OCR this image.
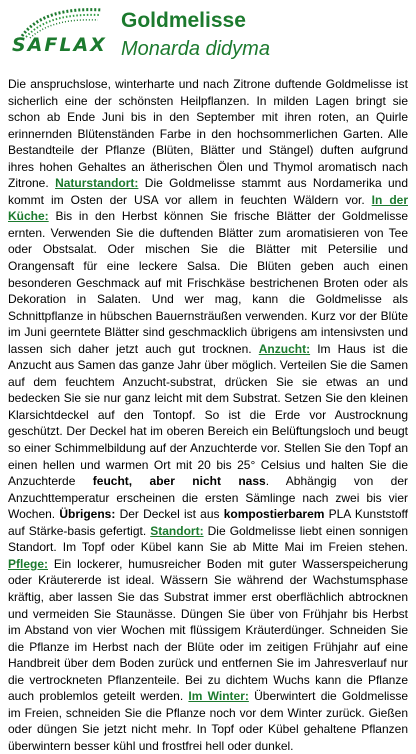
SAFLAX
Goldmelisse
Monarda didyma

Die anspruchslose, winterharte und nach Zitrone duftende Goldmelisse ist sicherlich eine der schönsten Heilpflanzen. In milden Lagen bringt sie schon ab Ende Juni bis in den September mit ihren roten, an Quirle erinnernden Blütenständen Farbe in den hochsommerlichen Garten. Alle Bestandteile der Pflanze (Blüten, Blätter und Stängel) duften aufgrund ihres hohen Gehaltes an ätherischen Ölen und Thymol aromatisch nach Zitrone. Naturstandort: Die Goldmelisse stammt aus Nordamerika und kommt im Osten der USA vor allem in feuchten Wäldern vor. In der Küche: Bis in den Herbst können Sie frische Blätter der Goldmelisse ernten. Verwenden Sie die duftenden Blätter zum aromatisieren von Tee oder Obstsalat. Oder mischen Sie die Blätter mit Petersilie und Orangensaft für eine leckere Salsa. Die Blüten geben auch einen besonderen Geschmack auf mit Frischkäse bestrichenen Broten oder als Dekoration in Salaten. Und wer mag, kann die Goldmelisse als Schnittpflanze in hübschen Bauernsträußen verwenden. Kurz vor der Blüte im Juni geerntete Blätter sind geschmacklich übrigens am intensivsten und lassen sich daher jetzt auch gut trocknen. Anzucht: Im Haus ist die Anzucht aus Samen das ganze Jahr über möglich. Verteilen Sie die Samen auf dem feuchtem Anzucht-substrat, drücken Sie sie etwas an und bedecken Sie sie nur ganz leicht mit dem Substrat. Setzen Sie den kleinen Klarsichtdeckel auf den Tontopf. So ist die Erde vor Austrocknung geschützt. Der Deckel hat im oberen Bereich ein Belüftungsloch und beugt so einer Schimmelbildung auf der Anzuchterde vor. Stellen Sie den Topf an einen hellen und warmen Ort mit 20 bis 25° Celsius und halten Sie die Anzuchterde feucht, aber nicht nass. Abhängig von der Anzuchttemperatur erscheinen die ersten Sämlinge nach zwei bis vier Wochen. Übrigens: Der Deckel ist aus kompostierbarem PLA Kunststoff auf Stärke-basis gefertigt. Standort: Die Goldmelisse liebt einen sonnigen Standort. Im Topf oder Kübel kann Sie ab Mitte Mai im Freien stehen. Pflege: Ein lockerer, humusreicher Boden mit guter Wasserspeicherung oder Kräutererde ist ideal. Wässern Sie während der Wachstumsphase kräftig, aber lassen Sie das Substrat immer erst oberflächlich abtrocknen und vermeiden Sie Staunässe. Düngen Sie über von Frühjahr bis Herbst im Abstand von vier Wochen mit flüssigem Kräuterdünger. Schneiden Sie die Pflanze im Herbst nach der Blüte oder im zeitigen Frühjahr auf eine Handbreit über dem Boden zurück und entfernen Sie im Jahresverlauf nur die vertrockneten Pflanzenteile. Bei zu dichtem Wuchs kann die Pflanze auch problemlos geteilt werden. Im Winter: Überwintert die Goldmelisse im Freien, schneiden Sie die Pflanze noch vor dem Winter zurück. Gießen oder düngen Sie jetzt nicht mehr. In Topf oder Kübel gehaltene Pflanzen überwintern besser kühl und frostfrei hell oder dunkel.
